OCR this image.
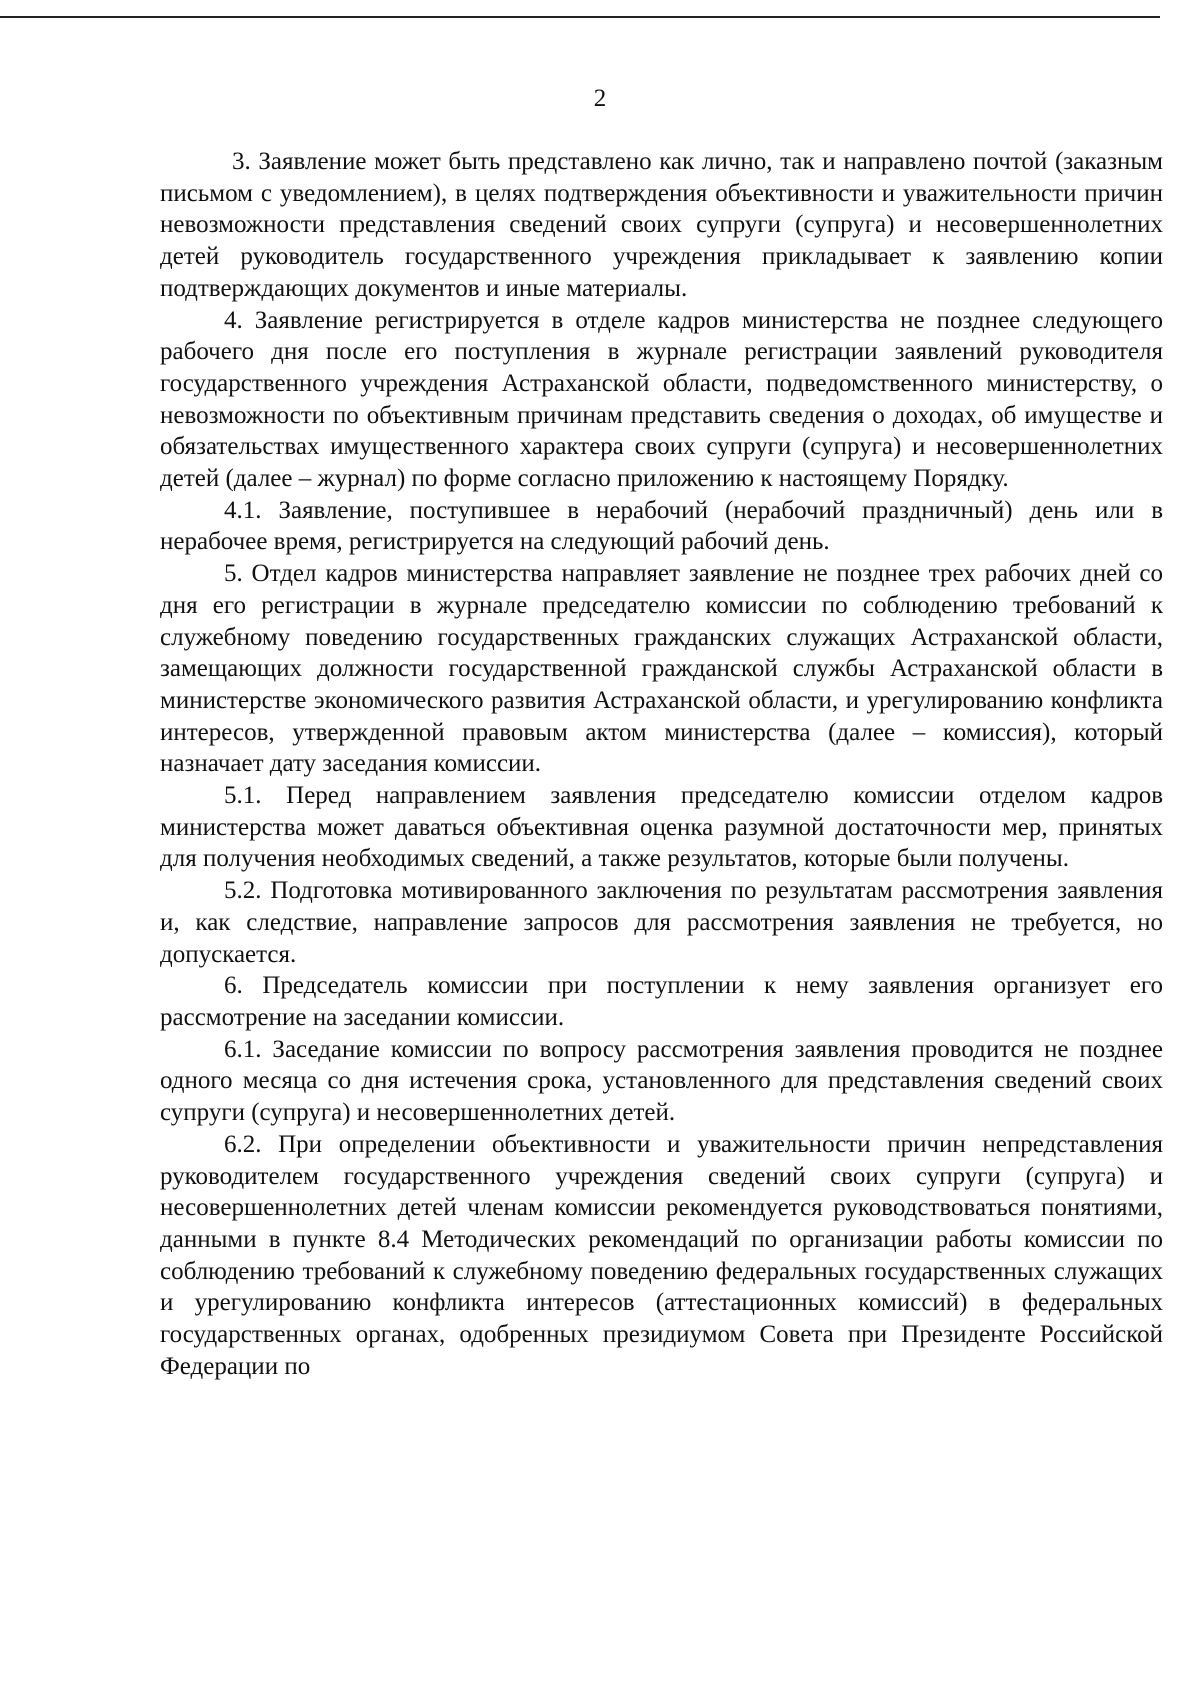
2

3. Заявление может быть представлено как лично, так и направлено почтой (заказным письмом с уведомлением), в целях подтверждения объективности и уважительности причин невозможности представления сведений своих супруги (супруга) и несовершеннолетних детей руководитель государственного учреждения прикладывает к заявлению копии подтверждающих документов и иные материалы.

4. Заявление регистрируется в отделе кадров министерства не позднее следующего рабочего дня после его поступления в журнале регистрации заявлений руководителя государственного учреждения Астраханской области, подведомственного министерству, о невозможности по объективным причинам представить сведения о доходах, об имуществе и обязательствах имущественного характера своих супруги (супруга) и несовершеннолетних детей (далее – журнал) по форме согласно приложению к настоящему Порядку.

4.1. Заявление, поступившее в нерабочий (нерабочий праздничный) день или в нерабочее время, регистрируется на следующий рабочий день.

5. Отдел кадров министерства направляет заявление не позднее трех рабочих дней со дня его регистрации в журнале председателю комиссии по соблюдению требований к служебному поведению государственных гражданских служащих Астраханской области, замещающих должности государственной гражданской службы Астраханской области в министерстве экономического развития Астраханской области, и урегулированию конфликта интересов, утвержденной правовым актом министерства (далее – комиссия), который назначает дату заседания комиссии.

5.1. Перед направлением заявления председателю комиссии отделом кадров министерства может даваться объективная оценка разумной достаточности мер, принятых для получения необходимых сведений, а также результатов, которые были получены.

5.2. Подготовка мотивированного заключения по результатам рассмотрения заявления и, как следствие, направление запросов для рассмотрения заявления не требуется, но допускается.

6. Председатель комиссии при поступлении к нему заявления организует его рассмотрение на заседании комиссии.

6.1. Заседание комиссии по вопросу рассмотрения заявления проводится не позднее одного месяца со дня истечения срока, установленного для представления сведений своих супруги (супруга) и несовершеннолетних детей.

6.2. При определении объективности и уважительности причин непредставления руководителем государственного учреждения сведений своих супруги (супруга) и несовершеннолетних детей членам комиссии рекомендуется руководствоваться понятиями, данными в пункте 8.4 Методических рекомендаций по организации работы комиссии по соблюдению требований к служебному поведению федеральных государственных служащих и урегулированию конфликта интересов (аттестационных комиссий) в федеральных государственных органах, одобренных президиумом Совета при Президенте Российской Федерации по
